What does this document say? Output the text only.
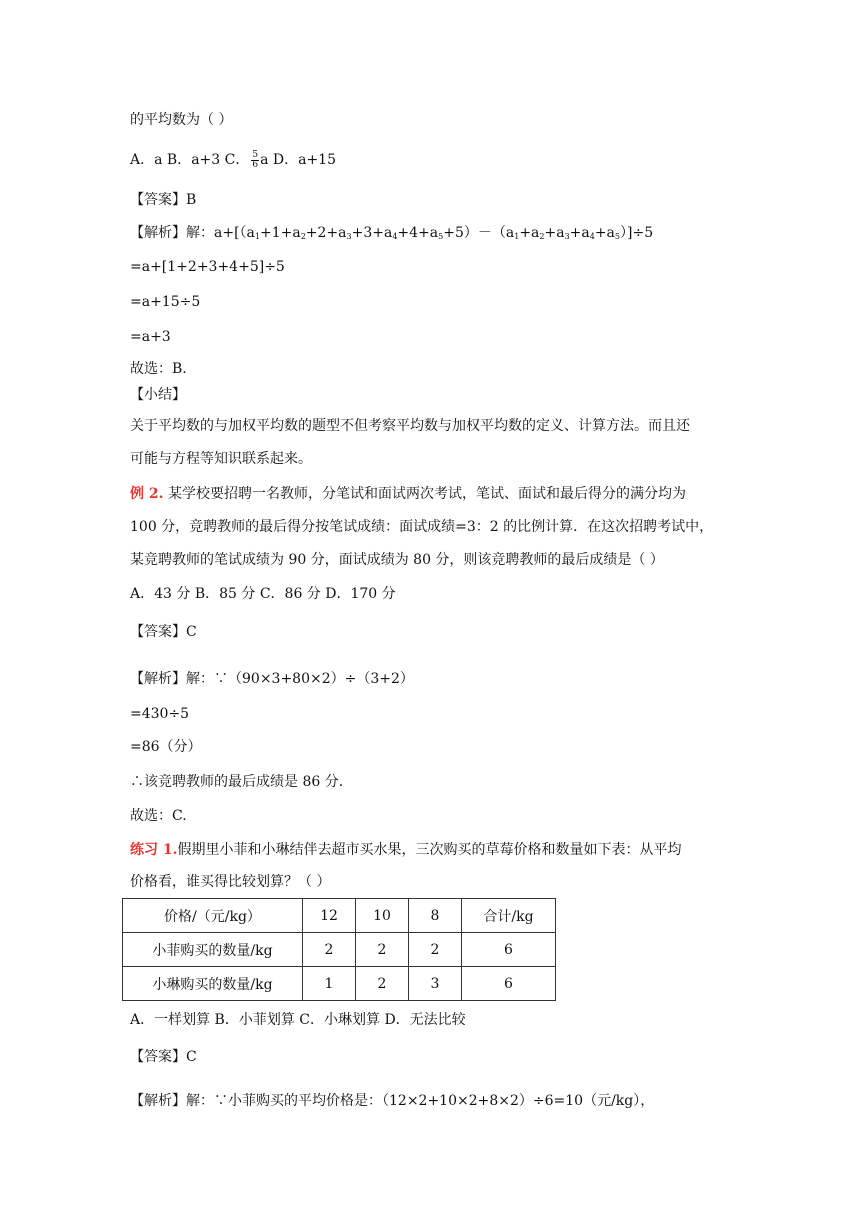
的平均数为（ ）
A．a B．a+3 C． $\frac{5}{6}$ a D．a+15
【答案】B
【解析】解：$a+[(a_1+1+a_2+2+a_3+3+a_4+4+a_5+5)-(a_1+a_2+a_3+a_4+a_5)]\div 5$
=a+[1+2+3+4+5]÷5
=a+15÷5
=a+3
故选：B.
【小结】
关于平均数的与加权平均数的题型不但考察平均数与加权平均数的定义、计算方法。而且还
可能与方程等知识联系起来。
例 2. 某学校要招聘一名教师，分笔试和面试两次考试，笔试、面试和最后得分的满分均为
100 分，竞聘教师的最后得分按笔试成绩：面试成绩=3：2 的比例计算．在这次招聘考试中，
某竞聘教师的笔试成绩为 90 分，面试成绩为 80 分，则该竞聘教师的最后成绩是（ ）
A．43 分 B．85 分 C．86 分 D．170 分
【答案】C
【解析】解：∵（90×3+80×2）÷（3+2）
=430÷5
=86（分）
∴该竞聘教师的最后成绩是 86 分．
故选：C.
练习 1.假期里小菲和小琳结伴去超市买水果，三次购买的草莓价格和数量如下表：从平均
价格看，谁买得比较划算？（ ）
价格/（元/kg）	12	10	8	合计/kg
小菲购买的数量/kg	2	2	2	6
小琳购买的数量/kg	1	2	3	6
A．一样划算 B．小菲划算 C．小琳划算 D．无法比较
【答案】C
【解析】解：∵小菲购买的平均价格是：（12×2+10×2+8×2）÷6=10（元/kg），
